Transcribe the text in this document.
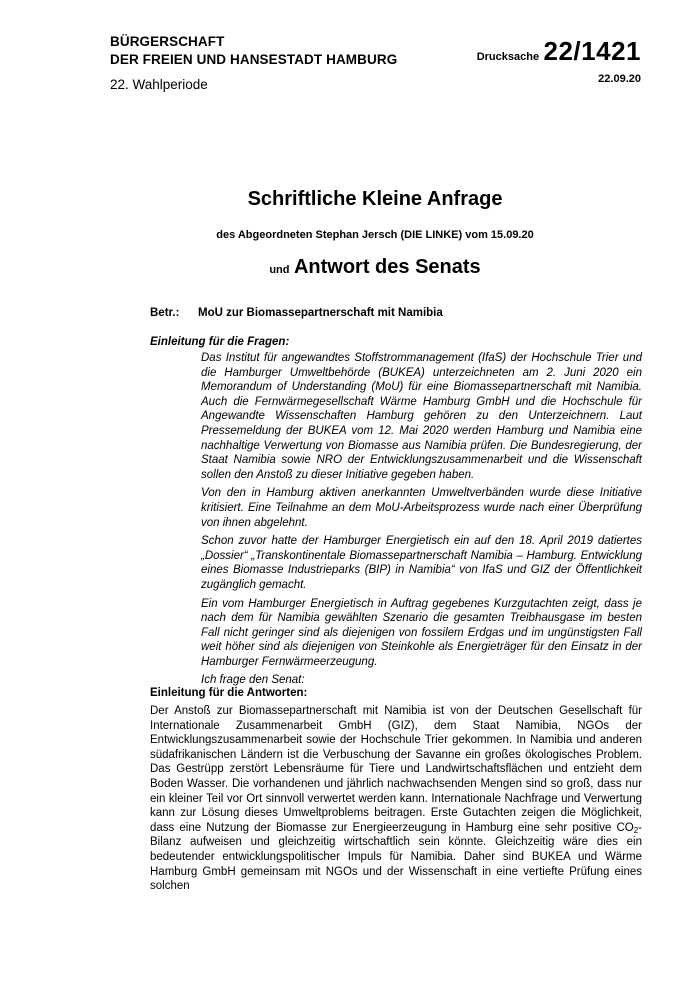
BÜRGERSCHAFT
DER FREIEN UND HANSESTADT HAMBURG
22. Wahlperiode
Drucksache 22/1421
22.09.20
Schriftliche Kleine Anfrage
des Abgeordneten Stephan Jersch (DIE LINKE) vom 15.09.20
und Antwort des Senats
Betr.: MoU zur Biomassepartnerschaft mit Namibia
Einleitung für die Fragen:

Das Institut für angewandtes Stoffstrommanagement (IfaS) der Hochschule Trier und die Hamburger Umweltbehörde (BUKEA) unterzeichneten am 2. Juni 2020 ein Memorandum of Understanding (MoU) für eine Biomassepartnerschaft mit Namibia. Auch die Fernwärmegesellschaft Wärme Hamburg GmbH und die Hochschule für Angewandte Wissenschaften Hamburg gehören zu den Unterzeichnern. Laut Pressemeldung der BUKEA vom 12. Mai 2020 werden Hamburg und Namibia eine nachhaltige Verwertung von Biomasse aus Namibia prüfen. Die Bundesregierung, der Staat Namibia sowie NRO der Entwicklungszusammenarbeit und die Wissenschaft sollen den Anstoß zu dieser Initiative gegeben haben.

Von den in Hamburg aktiven anerkannten Umweltverbänden wurde diese Initiative kritisiert. Eine Teilnahme an dem MoU-Arbeitsprozess wurde nach einer Überprüfung von ihnen abgelehnt.

Schon zuvor hatte der Hamburger Energietisch ein auf den 18. April 2019 datiertes „Dossier“ „Transkontinentale Biomassepartnerschaft Namibia – Hamburg. Entwicklung eines Biomasse Industrieparks (BIP) in Namibia“ von IfaS und GIZ der Öffentlichkeit zugänglich gemacht.

Ein vom Hamburger Energietisch in Auftrag gegebenes Kurzgutachten zeigt, dass je nach dem für Namibia gewählten Szenario die gesamten Treibhausgase im besten Fall nicht geringer sind als diejenigen von fossilem Erdgas und im ungünstigsten Fall weit höher sind als diejenigen von Steinkohle als Energieträger für den Einsatz in der Hamburger Fernwärmeerzeugung.

Ich frage den Senat:

Einleitung für die Antworten:

Der Anstoß zur Biomassepartnerschaft mit Namibia ist von der Deutschen Gesellschaft für Internationale Zusammenarbeit GmbH (GIZ), dem Staat Namibia, NGOs der Entwicklungszusammenarbeit sowie der Hochschule Trier gekommen. In Namibia und anderen südafrikanischen Ländern ist die Verbuschung der Savanne ein großes ökologisches Problem. Das Gestrüpp zerstört Lebensräume für Tiere und Landwirtschaftsflächen und entzieht dem Boden Wasser. Die vorhandenen und jährlich nachwachsenden Mengen sind so groß, dass nur ein kleiner Teil vor Ort sinnvoll verwertet werden kann. Internationale Nachfrage und Verwertung kann zur Lösung dieses Umweltproblems beitragen. Erste Gutachten zeigen die Möglichkeit, dass eine Nutzung der Biomasse zur Energieerzeugung in Hamburg eine sehr positive $CO_2$-Bilanz aufweisen und gleichzeitig wirtschaftlich sein könnte. Gleichzeitig wäre dies ein bedeutender entwicklungspolitischer Impuls für Namibia. Daher sind BUKEA und Wärme Hamburg GmbH gemeinsam mit NGOs und der Wissenschaft in eine vertiefte Prüfung eines solchen
